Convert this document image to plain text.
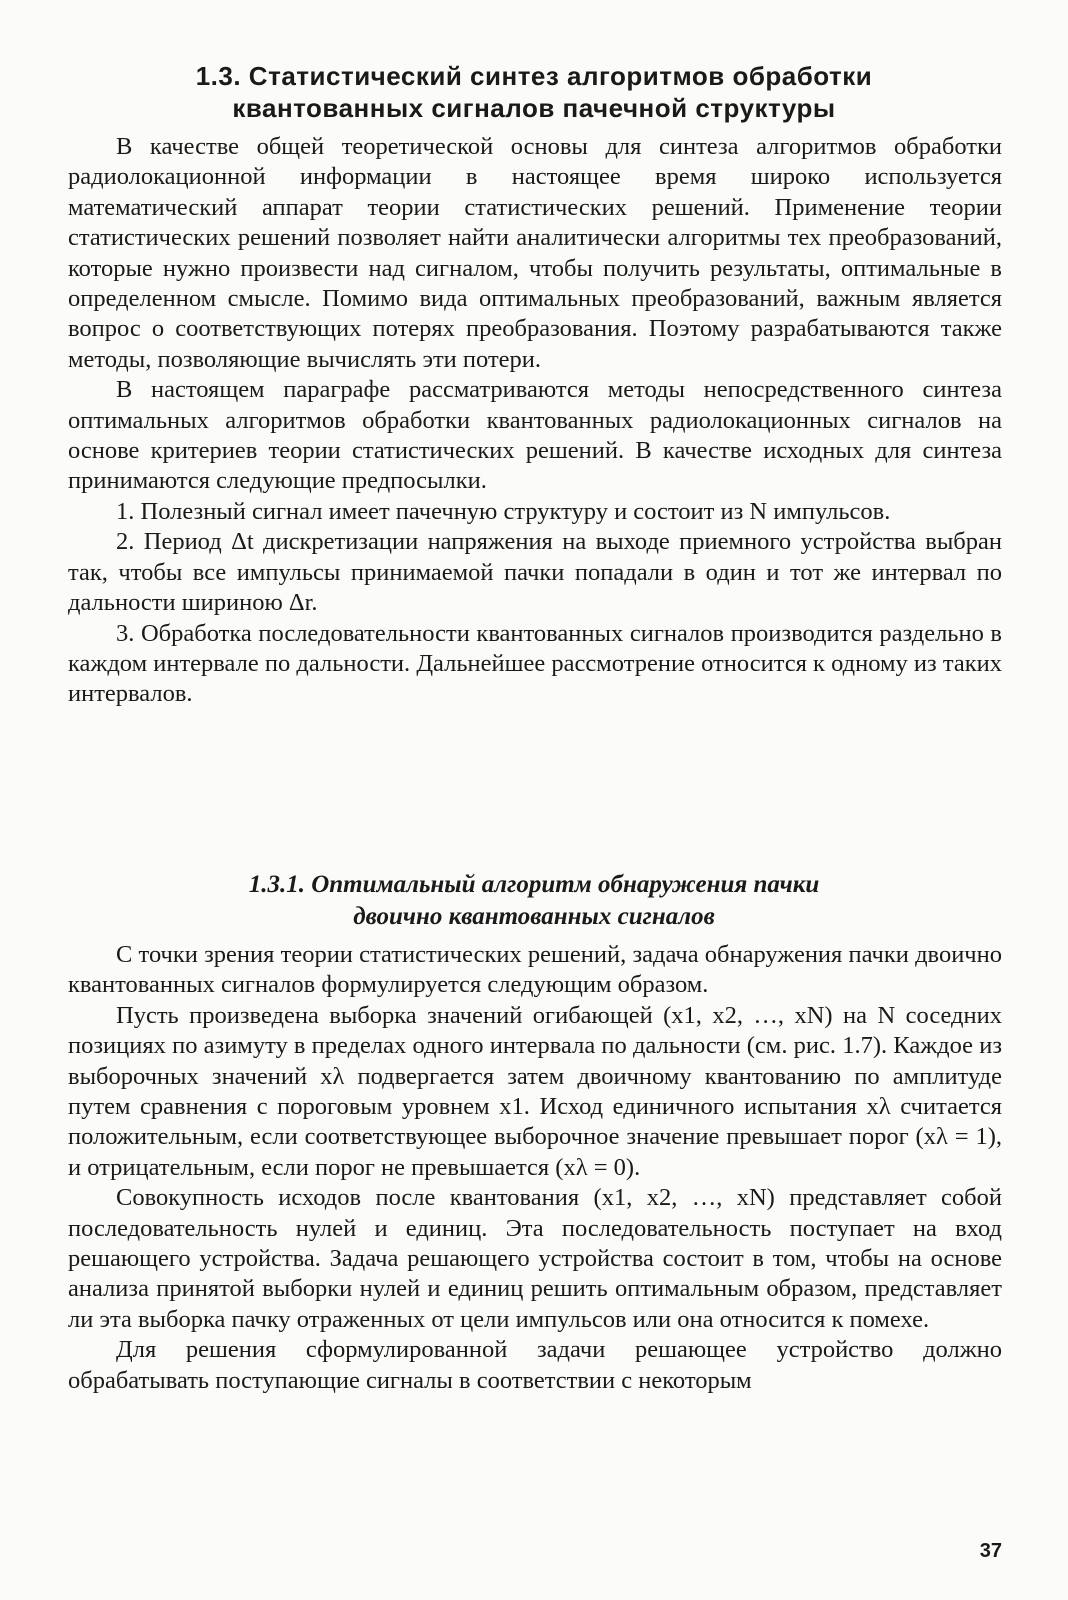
1.3. Статистический синтез алгоритмов обработки
квантованных сигналов пачечной структуры

В качестве общей теоретической основы для синтеза алгоритмов обработки радиолокационной информации в настоящее время широко используется математический аппарат теории статистических решений. Применение теории статистических решений позволяет найти аналитически алгоритмы тех преобразований, которые нужно произвести над сигналом, чтобы получить результаты, оптимальные в определенном смысле. Помимо вида оптимальных преобразований, важным является вопрос о соответствующих потерях преобразования. Поэтому разрабатываются также методы, позволяющие вычислять эти потери.

В настоящем параграфе рассматриваются методы непосредственного синтеза оптимальных алгоритмов обработки квантованных радиолокационных сигналов на основе критериев теории статистических решений. В качестве исходных для синтеза принимаются следующие предпосылки.

1. Полезный сигнал имеет пачечную структуру и состоит из N импульсов.

2. Период Δt дискретизации напряжения на выходе приемного устройства выбран так, чтобы все импульсы принимаемой пачки попадали в один и тот же интервал по дальности шириною Δr.

3. Обработка последовательности квантованных сигналов производится раздельно в каждом интервале по дальности. Дальнейшее рассмотрение относится к одному из таких интервалов.

1.3.1. Оптимальный алгоритм обнаружения пачки
двоично квантованных сигналов

С точки зрения теории статистических решений, задача обнаружения пачки двоично квантованных сигналов формулируется следующим образом.

Пусть произведена выборка значений огибающей (x1, x2, …, xN) на N соседних позициях по азимуту в пределах одного интервала по дальности (см. рис. 1.7). Каждое из выборочных значений xλ подвергается затем двоичному квантованию по амплитуде путем сравнения с пороговым уровнем x1. Исход единичного испытания xλ считается положительным, если соответствующее выборочное значение превышает порог (xλ = 1), и отрицательным, если порог не превышается (xλ = 0).

Совокупность исходов после квантования (x1, x2, …, xN) представляет собой последовательность нулей и единиц. Эта последовательность поступает на вход решающего устройства. Задача решающего устройства состоит в том, чтобы на основе анализа принятой выборки нулей и единиц решить оптимальным образом, представляет ли эта выборка пачку отраженных от цели импульсов или она относится к помехе.

Для решения сформулированной задачи решающее устройство должно обрабатывать поступающие сигналы в соответствии с некоторым

37
